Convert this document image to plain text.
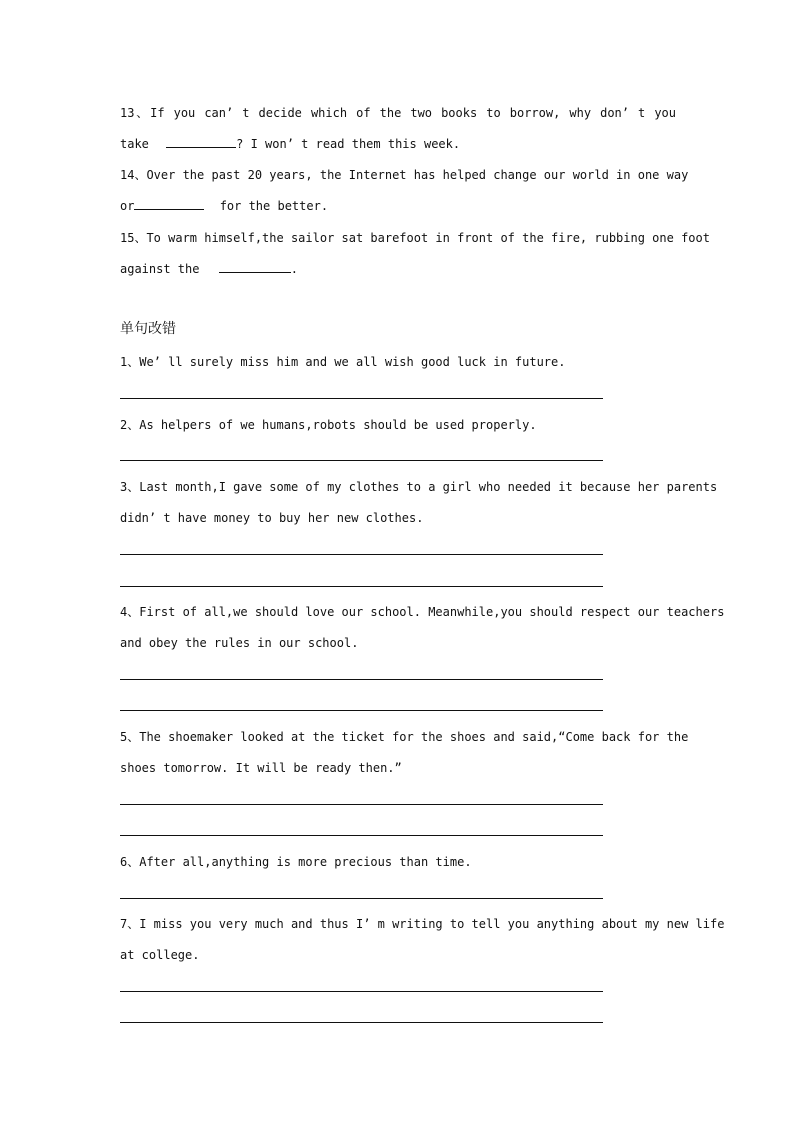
13、If you can’ t decide which of the two books to borrow, why don’ t you
take	? I won’ t read them this week.
14、Over the past 20 years, the Internet has helped change our world in one way
or	for the better.
15、To warm himself,the sailor sat barefoot in front of the fire, rubbing one foot
against the	.
单句改错
1、We’ ll surely miss him and we all wish good luck in future.
2、As helpers of we humans,robots should be used properly.
3、Last month,I gave some of my clothes to a girl who needed it because her parents
didn’ t have money to buy her new clothes.
4、First of all,we should love our school. Meanwhile,you should respect our teachers
and obey the rules in our school.
5、The shoemaker looked at the ticket for the shoes and said,“Come back for the
shoes tomorrow. It will be ready then.”
6、After all,anything is more precious than time.
7、I miss you very much and thus I’ m writing to tell you anything about my new life
at college.
